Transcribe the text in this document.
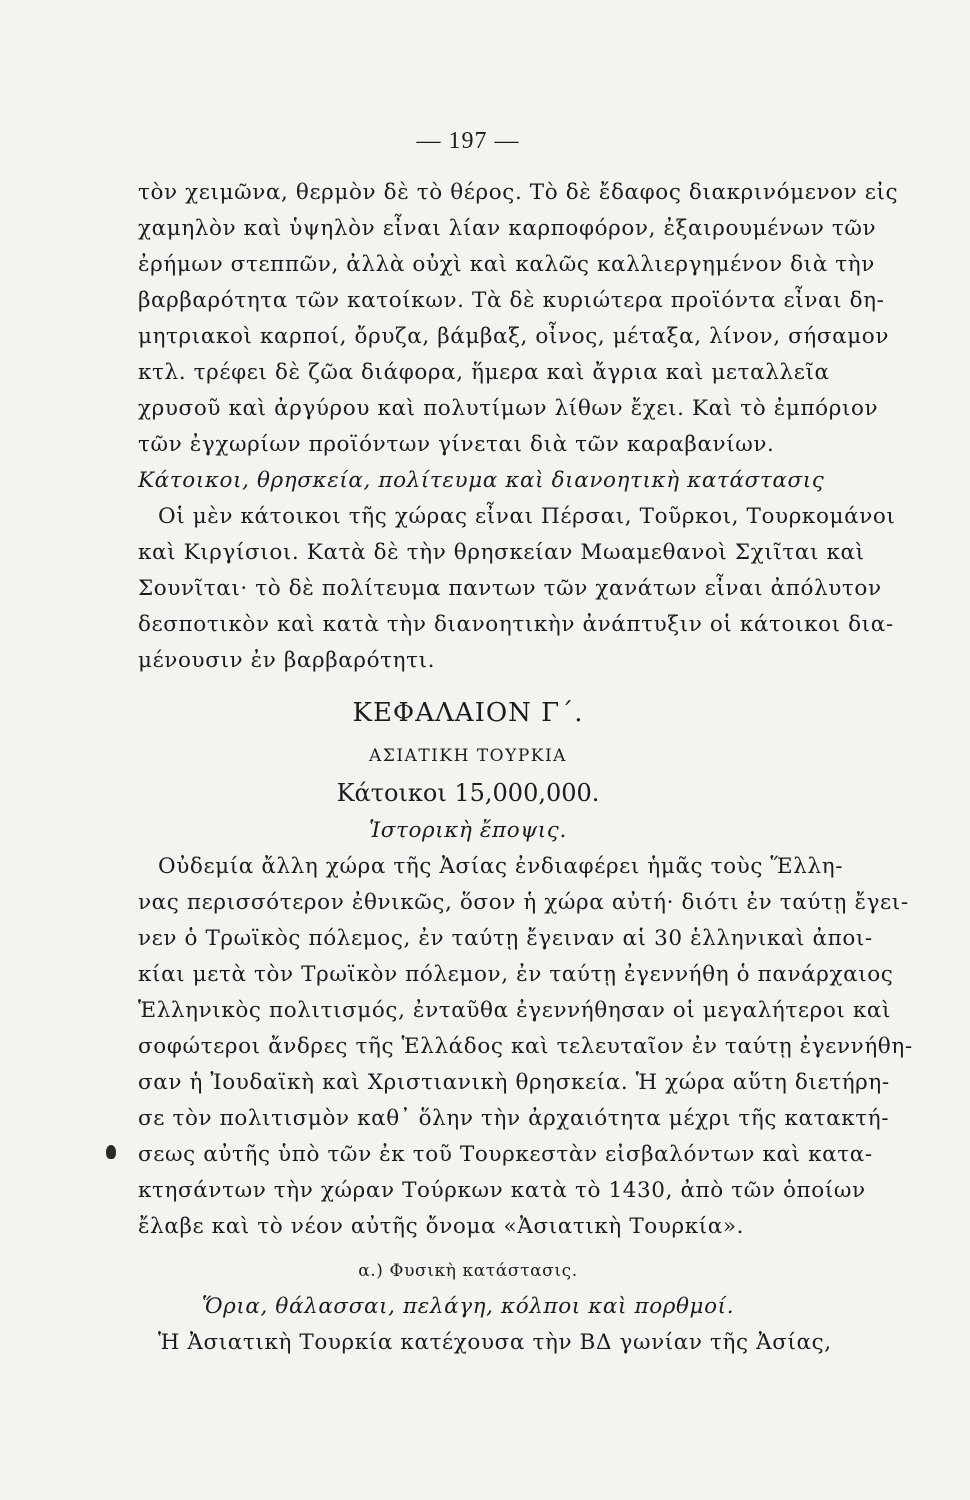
— 197 —
τὸν χειμῶνα, θερμὸν δὲ τὸ θέρος. Τὸ δὲ ἔδαφος διακρινόμενον εἰς
χαμηλὸν καὶ ὑψηλὸν εἶναι λίαν καρποφόρον, ἐξαιρουμένων τῶν
ἐρήμων στεππῶν, ἀλλὰ οὐχὶ καὶ καλῶς καλλιεργημένον διὰ τὴν
βαρβαρότητα τῶν κατοίκων. Τὰ δὲ κυριώτερα προϊόντα εἶναι δη-
μητριακοὶ καρποί, ὄρυζα, βάμβαξ, οἶνος, μέταξα, λίνον, σήσαμον
κτλ. τρέφει δὲ ζῶα διάφορα, ἥμερα καὶ ἄγρια καὶ μεταλλεῖα
χρυσοῦ καὶ ἀργύρου καὶ πολυτίμων λίθων ἔχει. Καὶ τὸ ἐμπόριον
τῶν ἐγχωρίων προϊόντων γίνεται διὰ τῶν καραβανίων.
Κάτοικοι, θρησκεία, πολίτευμα καὶ διανοητικὴ κατάστασις
Οἱ μὲν κάτοικοι τῆς χώρας εἶναι Πέρσαι, Τοῦρκοι, Τουρκομάνοι
καὶ Κιργίσιοι. Κατὰ δὲ τὴν θρησκείαν Μωαμεθανοὶ Σχιῖται καὶ
Σουνῖται· τὸ δὲ πολίτευμα παντων τῶν χανάτων εἶναι ἀπόλυτον
δεσποτικὸν καὶ κατὰ τὴν διανοητικὴν ἀνάπτυξιν οἱ κάτοικοι δια-
μένουσιν ἐν βαρβαρότητι.
ΚΕΦΑΛΑΙΟΝ Γ΄.
ΑΣΙΑΤΙΚΗ ΤΟΥΡΚΙΑ
Κάτοικοι 15,000,000.
Ἱστορικὴ ἔποψις.
Οὐδεμία ἄλλη χώρα τῆς Ἀσίας ἐνδιαφέρει ἡμᾶς τοὺς Ἕλλη-
νας περισσότερον ἐθνικῶς, ὅσον ἡ χώρα αὐτή· διότι ἐν ταύτῃ ἔγει-
νεν ὁ Τρωϊκὸς πόλεμος, ἐν ταύτῃ ἔγειναν αἱ 30 ἑλληνικαὶ ἀποι-
κίαι μετὰ τὸν Τρωϊκὸν πόλεμον, ἐν ταύτῃ ἐγεννήθη ὁ πανάρχαιος
Ἑλληνικὸς πολιτισμός, ἐνταῦθα ἐγεννήθησαν οἱ μεγαλήτεροι καὶ
σοφώτεροι ἄνδρες τῆς Ἑλλάδος καὶ τελευταῖον ἐν ταύτῃ ἐγεννήθη-
σαν ἡ Ἰουδαϊκὴ καὶ Χριστιανικὴ θρησκεία. Ἡ χώρα αὕτη διετήρη-
σε τὸν πολιτισμὸν καθ᾽ ὅλην τὴν ἀρχαιότητα μέχρι τῆς κατακτή-
σεως αὐτῆς ὑπὸ τῶν ἐκ τοῦ Τουρκεστὰν εἰσβαλόντων καὶ κατα-
κτησάντων τὴν χώραν Τούρκων κατὰ τὸ 1430, ἀπὸ τῶν ὁποίων
ἔλαβε καὶ τὸ νέον αὐτῆς ὄνομα «Ἀσιατικὴ Τουρκία».
α.) Φυσικὴ κατάστασις.
Ὅρια, θάλασσαι, πελάγη, κόλποι καὶ πορθμοί.
Ἡ Ἀσιατικὴ Τουρκία κατέχουσα τὴν ΒΔ γωνίαν τῆς Ἀσίας,
